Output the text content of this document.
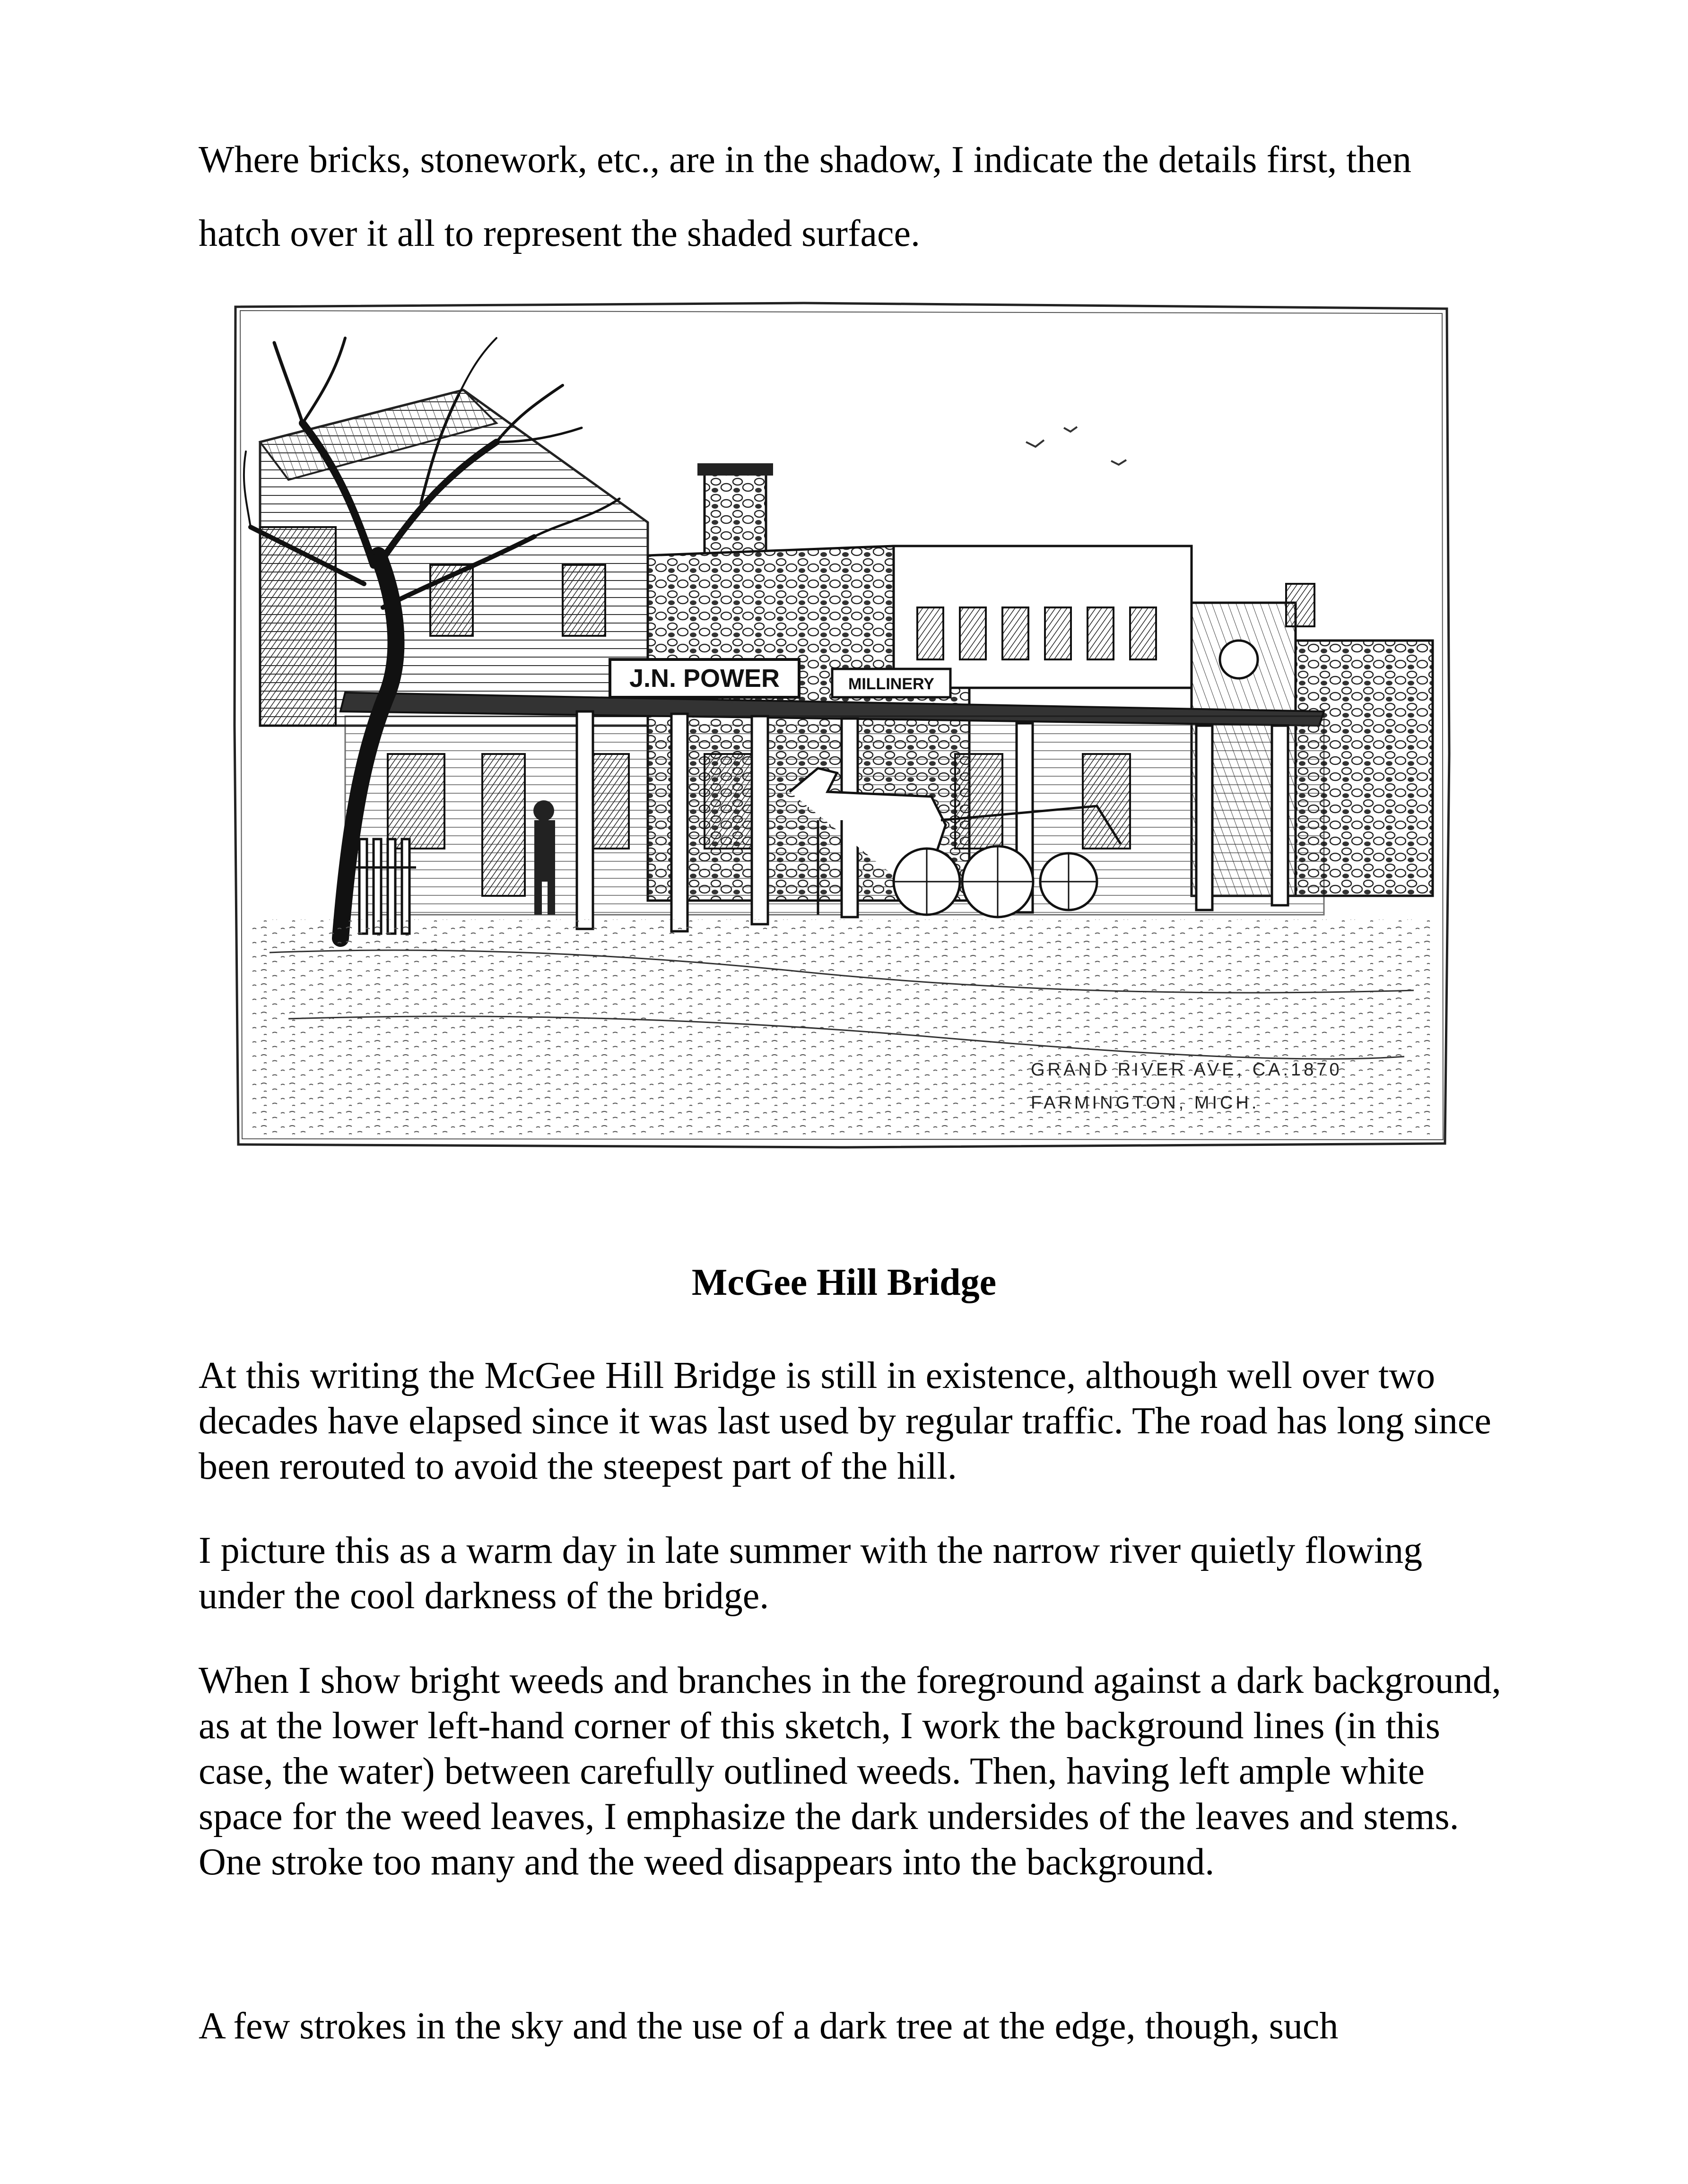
Where bricks, stonework, etc., are in the shadow, I indicate the details first, then

hatch over it all to represent the shaded surface.

J.N. POWER	MILLINERY
GRAND RIVER AVE, CA.1870
FARMINGTON, MICH.
McGee Hill Bridge

At this writing the McGee Hill Bridge is still in existence, although well over two decades have elapsed since it was last used by regular traffic. The road has long since been rerouted to avoid the steepest part of the hill.

I picture this as a warm day in late summer with the narrow river quietly flowing under the cool darkness of the bridge.

When I show bright weeds and branches in the foreground against a dark background, as at the lower left-hand corner of this sketch, I work the background lines (in this case, the water) between carefully outlined weeds. Then, having left ample white space for the weed leaves, I emphasize the dark undersides of the leaves and stems. One stroke too many and the weed disappears into the background.

A few strokes in the sky and the use of a dark tree at the edge, though, such
